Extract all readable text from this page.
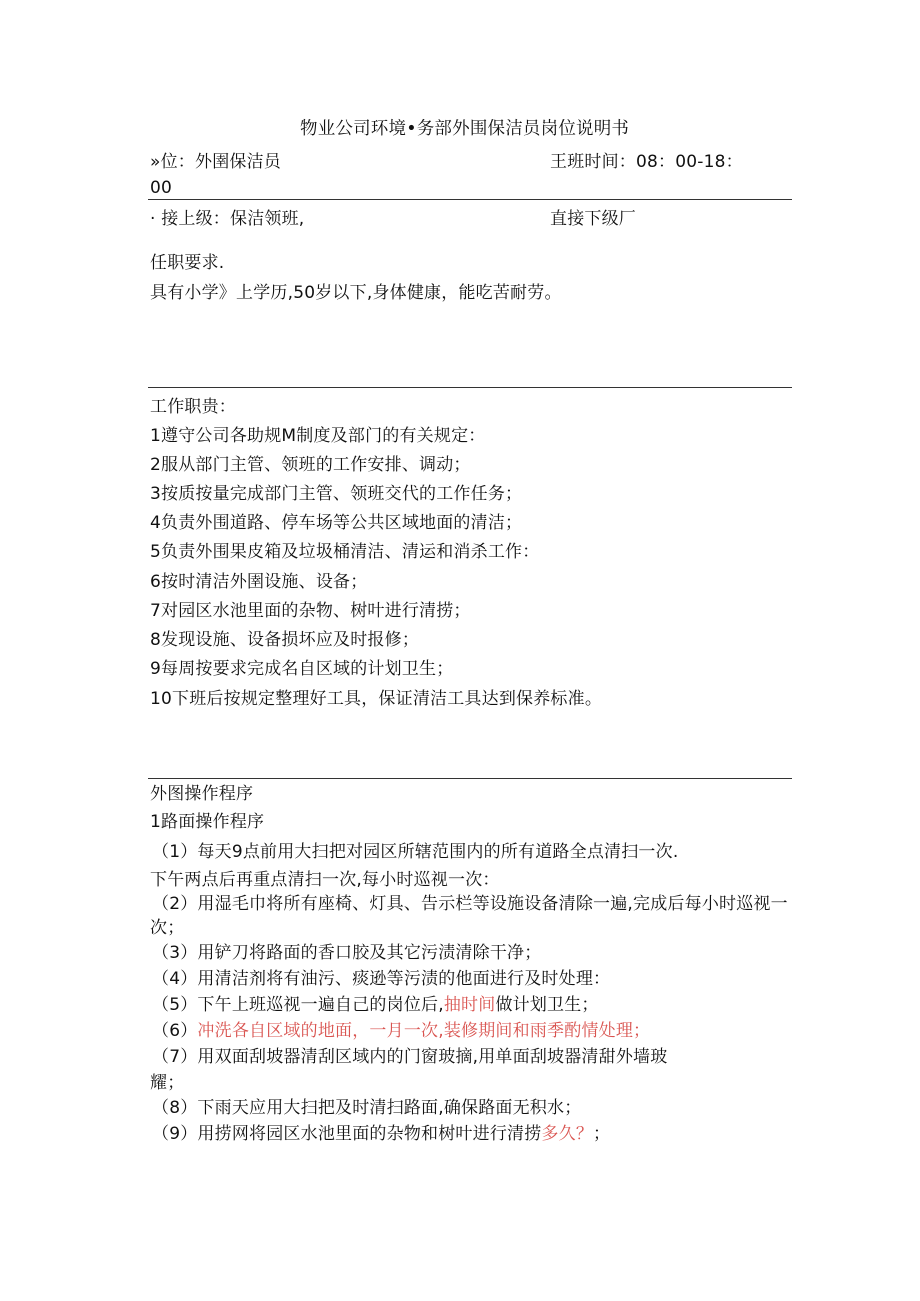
物业公司环境•务部外围保洁员岗位说明书
»位：外圉保洁员	王班时间：08：00-18：
00
· 接上级：保洁领班,	直接下级厂
任职要求.
具有小学》上学历,50岁以下,身体健康，能吃苦耐劳。
工作职贵：
1遵守公司各助规M制度及部门的有关规定：
2服从部门主管、领班的工作安排、调动；
3按质按量完成部门主管、领班交代的工作任务；
4负责外围道路、停车场等公共区域地面的清洁；
5负责外围果皮箱及垃圾桶清洁、清运和消杀工作：
6按时清洁外圉设施、设备；
7对园区水池里面的杂物、树叶进行清捞；
8发现设施、设备损坏应及时报修；
9每周按要求完成名自区域的计划卫生；
10下班后按规定整理好工具，保证清洁工具达到保养标准。
外图操作程序
1路面操作程序
（1）每天9点前用大扫把对园区所辖范围内的所有道路全点清扫一次.
下午两点后再重点清扫一次,每小时巡视一次：
（2）用湿毛巾将所有座椅、灯具、告示栏等设施设备清除一遍,完成后每小时巡视一
次；
（3）用铲刀将路面的香口胶及其它污渍清除干净；
（4）用清洁剂将有油污、痰逊等污渍的他面进行及时处理：
（5）下午上班巡视一遍自己的岗位后,抽时间做计划卫生；
（6）冲洗各自区域的地面，一月一次,装修期间和雨季酌情处理；
（7）用双面刮坡器清刮区域内的门窗玻摘,用单面刮坡器清甜外墙玻
耀；
（8）下雨天应用大扫把及时清扫路面,确保路面无积水；
（9）用捞网将园区水池里面的杂物和树叶进行清捞多久？；
